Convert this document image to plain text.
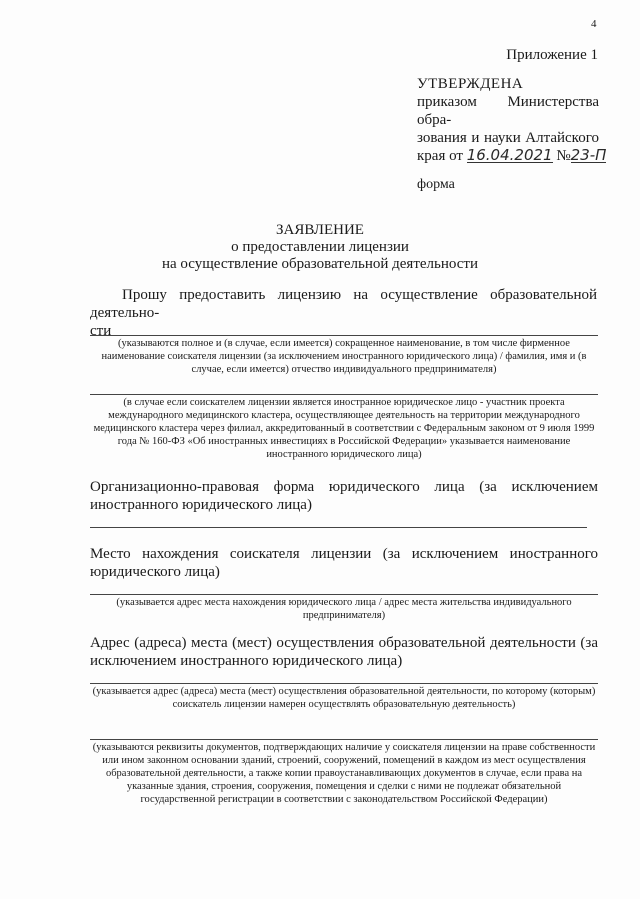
4
Приложение 1
УТВЕРЖДЕНА
приказом Министерства обра-
зования и науки Алтайского
края от 16.04.2021 №23-П
форма
ЗАЯВЛЕНИЕ
о предоставлении лицензии
на осуществление образовательной деятельности
Прошу предоставить лицензию на осуществление образовательной деятельно-
сти
(указываются полное и (в случае, если имеется) сокращенное наименование, в том числе фирменное наименование соискателя лицензии (за исключением иностранного юридического лица) / фамилия, имя и (в случае, если имеется) отчество индивидуального предпринимателя)
(в случае если соискателем лицензии является иностранное юридическое лицо - участник проекта международного медицинского кластера, осуществляющее деятельность на территории международного медицинского кластера через филиал, аккредитованный в соответствии с Федеральным законом от 9 июля 1999 года № 160-ФЗ «Об иностранных инвестициях в Российской Федерации» указывается наименование иностранного юридического лица)
Организационно-правовая форма юридического лица (за исключением иностранного юридического лица)
Место нахождения соискателя лицензии (за исключением иностранного юридического лица)
(указывается адрес места нахождения юридического лица / адрес места жительства индивидуального предпринимателя)
Адрес (адреса) места (мест) осуществления образовательной деятельности (за исключением иностранного юридического лица)
(указывается адрес (адреса) места (мест) осуществления образовательной деятельности, по которому (которым) соискатель лицензии намерен осуществлять образовательную деятельность)
(указываются реквизиты документов, подтверждающих наличие у соискателя лицензии на праве собственности или ином законном основании зданий, строений, сооружений, помещений в каждом из мест осуществления образовательной деятельности, а также копии правоустанавливающих документов в случае, если права на указанные здания, строения, сооружения, помещения и сделки с ними не подлежат обязательной государственной регистрации в соответствии с законодательством Российской Федерации)
